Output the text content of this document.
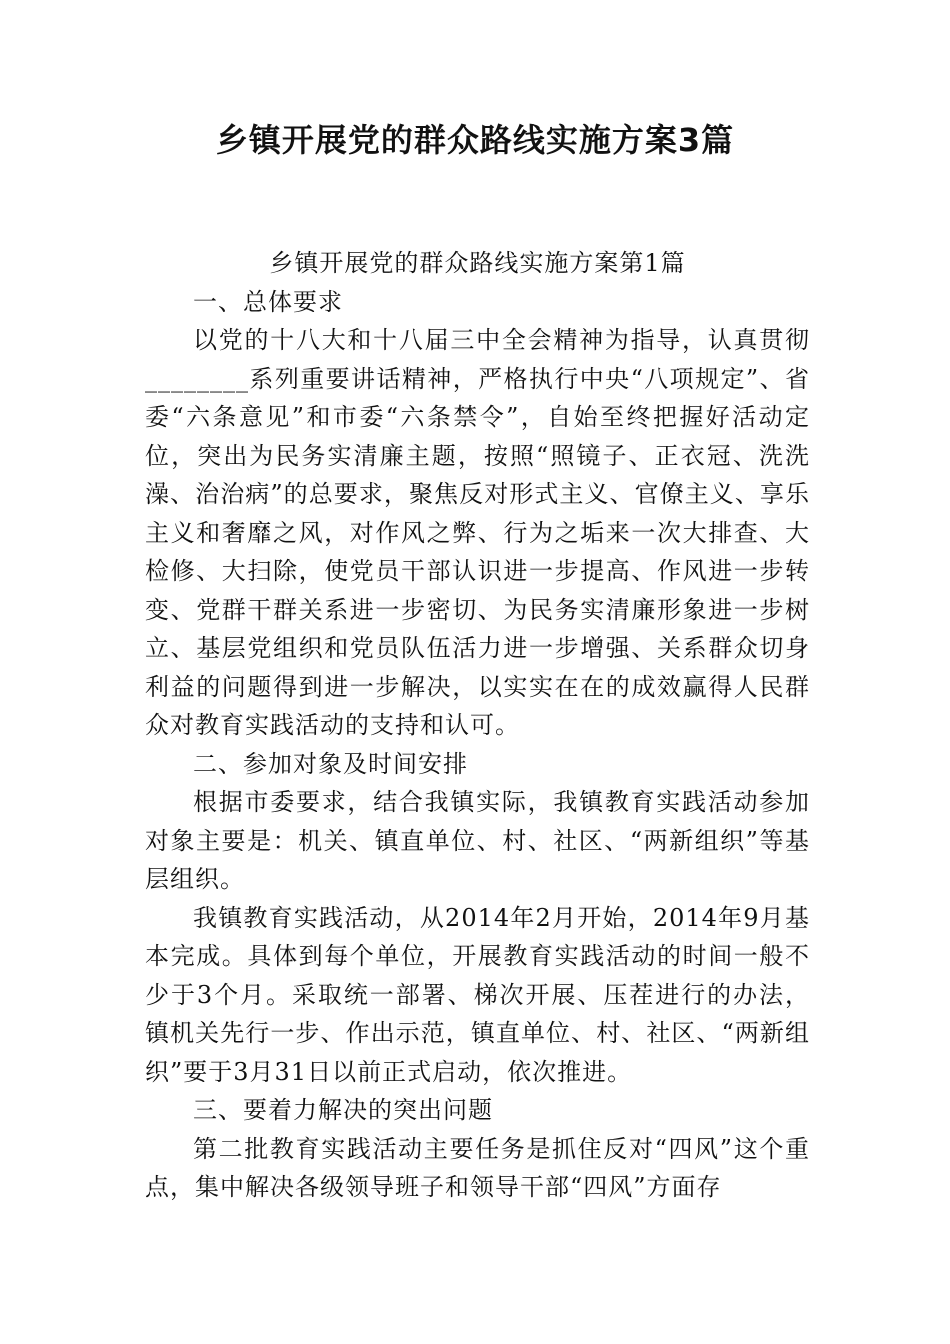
乡镇开展党的群众路线实施方案3篇

乡镇开展党的群众路线实施方案第1篇

一、总体要求

以党的十八大和十八届三中全会精神为指导，认真贯彻________系列重要讲话精神，严格执行中央“八项规定”、省委“六条意见”和市委“六条禁令”，自始至终把握好活动定位，突出为民务实清廉主题，按照“照镜子、正衣冠、洗洗澡、治治病”的总要求，聚焦反对形式主义、官僚主义、享乐主义和奢靡之风，对作风之弊、行为之垢来一次大排查、大检修、大扫除，使党员干部认识进一步提高、作风进一步转变、党群干群关系进一步密切、为民务实清廉形象进一步树立、基层党组织和党员队伍活力进一步增强、关系群众切身利益的问题得到进一步解决，以实实在在的成效赢得人民群众对教育实践活动的支持和认可。

二、参加对象及时间安排

根据市委要求，结合我镇实际，我镇教育实践活动参加对象主要是：机关、镇直单位、村、社区、“两新组织”等基层组织。

我镇教育实践活动，从2014年2月开始，2014年9月基本完成。具体到每个单位，开展教育实践活动的时间一般不少于3个月。采取统一部署、梯次开展、压茬进行的办法，镇机关先行一步、作出示范，镇直单位、村、社区、“两新组织”要于3月31日以前正式启动，依次推进。

三、要着力解决的突出问题

第二批教育实践活动主要任务是抓住反对“四风”这个重点，集中解决各级领导班子和领导干部“四风”方面存
